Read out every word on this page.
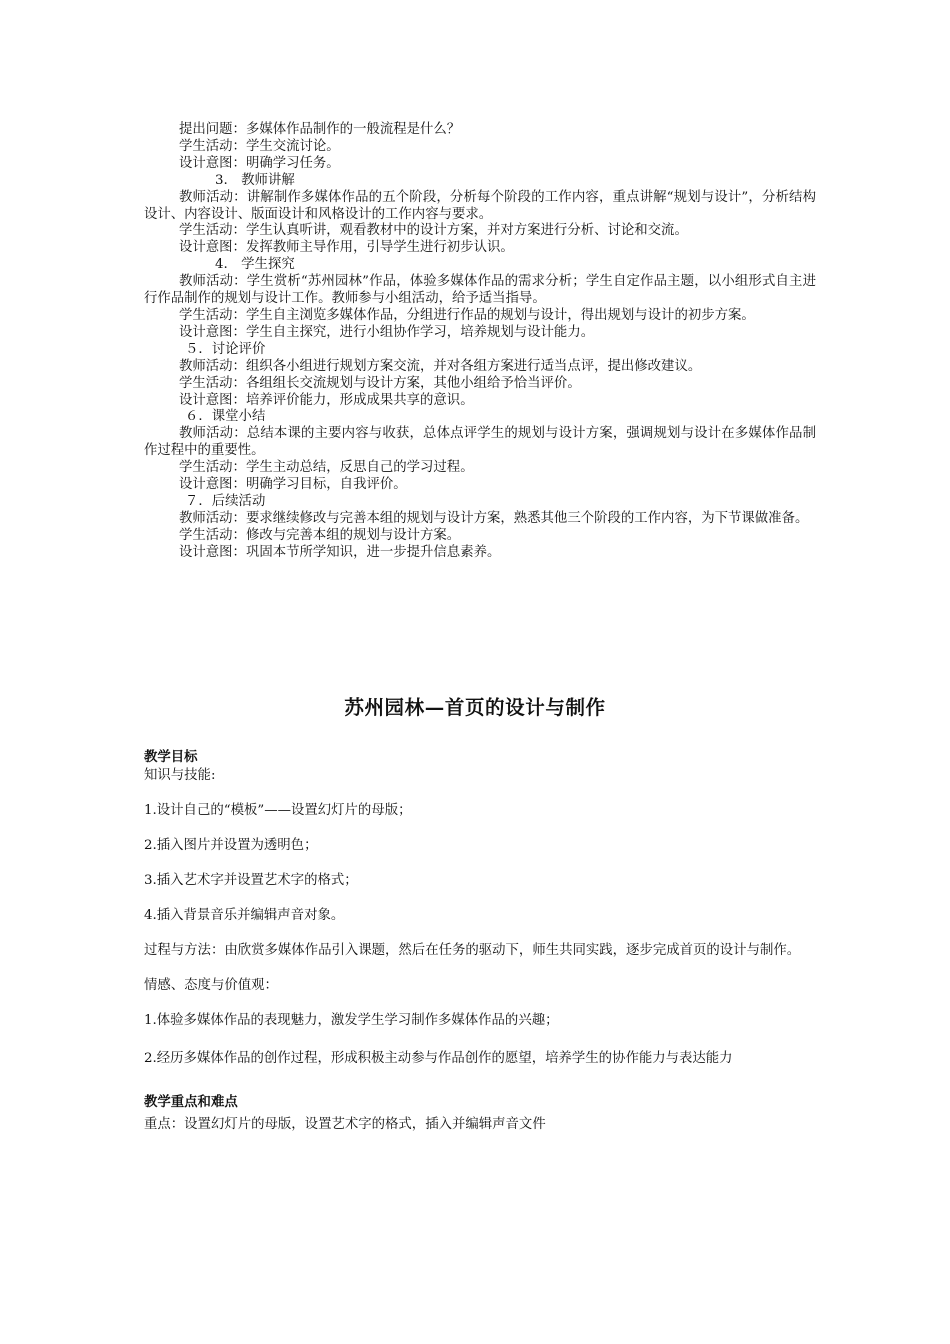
提出问题：多媒体作品制作的一般流程是什么？

学生活动：学生交流讨论。

设计意图：明确学习任务。

3.　教师讲解

教师活动：讲解制作多媒体作品的五个阶段，分析每个阶段的工作内容，重点讲解“规划与设计”，分析结构设计、内容设计、版面设计和风格设计的工作内容与要求。

学生活动：学生认真听讲，观看教材中的设计方案，并对方案进行分析、讨论和交流。

设计意图：发挥教师主导作用，引导学生进行初步认识。

4.　学生探究

教师活动：学生赏析“苏州园林”作品，体验多媒体作品的需求分析；学生自定作品主题，以小组形式自主进行作品制作的规划与设计工作。教师参与小组活动，给予适当指导。

学生活动：学生自主浏览多媒体作品，分组进行作品的规划与设计，得出规划与设计的初步方案。

设计意图：学生自主探究，进行小组协作学习，培养规划与设计能力。

５．讨论评价

教师活动：组织各小组进行规划方案交流，并对各组方案进行适当点评，提出修改建议。

学生活动：各组组长交流规划与设计方案，其他小组给予恰当评价。

设计意图：培养评价能力，形成成果共享的意识。

６．课堂小结

教师活动：总结本课的主要内容与收获，总体点评学生的规划与设计方案，强调规划与设计在多媒体作品制作过程中的重要性。

学生活动：学生主动总结，反思自己的学习过程。

设计意图：明确学习目标，自我评价。

７．后续活动

教师活动：要求继续修改与完善本组的规划与设计方案，熟悉其他三个阶段的工作内容，为下节课做准备。

学生活动：修改与完善本组的规划与设计方案。

设计意图：巩固本节所学知识，进一步提升信息素养。

苏州园林—首页的设计与制作

教学目标

知识与技能:

1.设计自己的“模板”——设置幻灯片的母版；

2.插入图片并设置为透明色；

3.插入艺术字并设置艺术字的格式；

4.插入背景音乐并编辑声音对象。

过程与方法：由欣赏多媒体作品引入课题，然后在任务的驱动下，师生共同实践，逐步完成首页的设计与制作。

情感、态度与价值观：

1.体验多媒体作品的表现魅力，激发学生学习制作多媒体作品的兴趣；

2.经历多媒体作品的创作过程，形成积极主动参与作品创作的愿望，培养学生的协作能力与表达能力

教学重点和难点

重点：设置幻灯片的母版，设置艺术字的格式，插入并编辑声音文件
